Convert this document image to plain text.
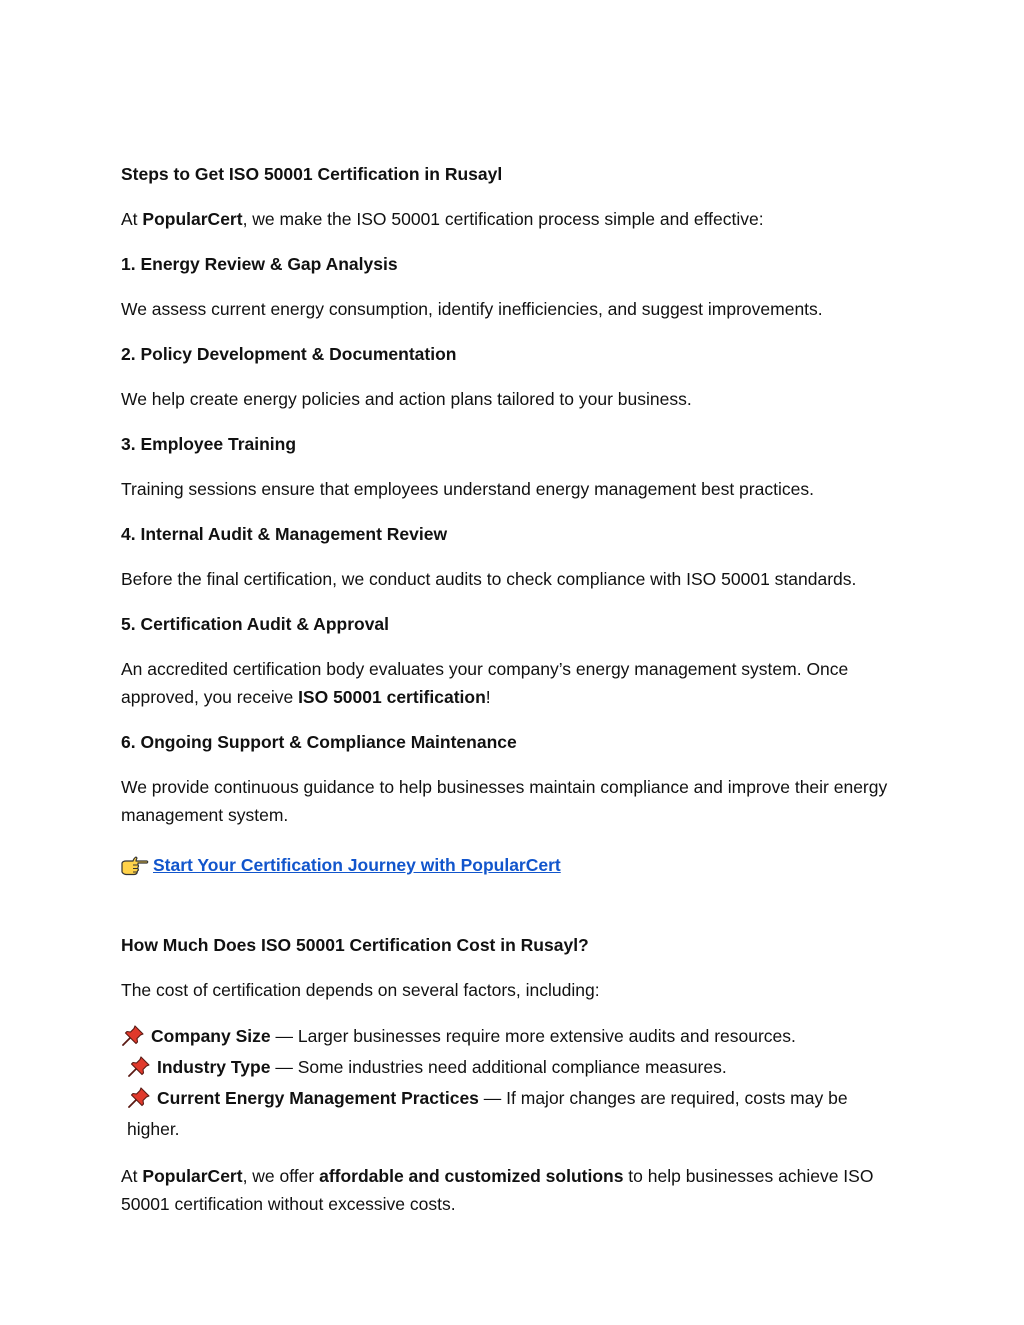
Steps to Get ISO 50001 Certification in Rusayl

At PopularCert, we make the ISO 50001 certification process simple and effective:

1. Energy Review & Gap Analysis

We assess current energy consumption, identify inefficiencies, and suggest improvements.

2. Policy Development & Documentation

We help create energy policies and action plans tailored to your business.

3. Employee Training

Training sessions ensure that employees understand energy management best practices.

4. Internal Audit & Management Review

Before the final certification, we conduct audits to check compliance with ISO 50001 standards.

5. Certification Audit & Approval

An accredited certification body evaluates your company’s energy management system. Once approved, you receive ISO 50001 certification!

6. Ongoing Support & Compliance Maintenance

We provide continuous guidance to help businesses maintain compliance and improve their energy management system.

Start Your Certification Journey with PopularCert

How Much Does ISO 50001 Certification Cost in Rusayl?

The cost of certification depends on several factors, including:

Company Size — Larger businesses require more extensive audits and resources.

Industry Type — Some industries need additional compliance measures.

Current Energy Management Practices — If major changes are required, costs may be higher.

At PopularCert, we offer affordable and customized solutions to help businesses achieve ISO 50001 certification without excessive costs.
